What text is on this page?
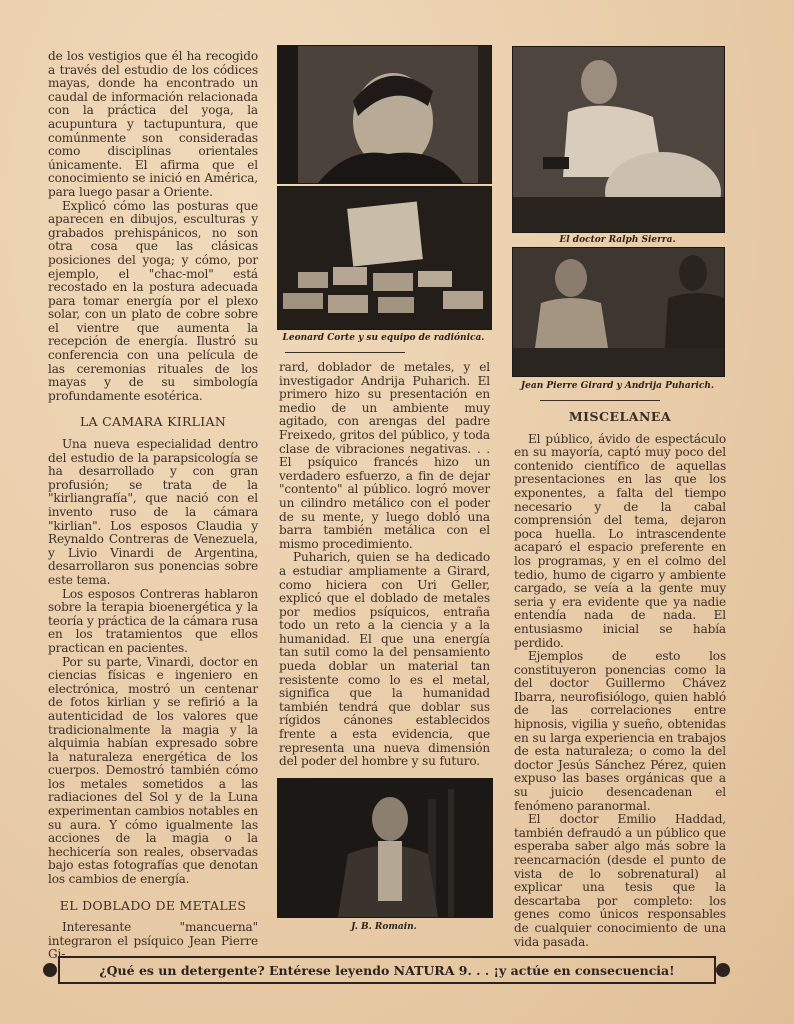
de los vestigios que él ha recogido a través del estudio de los códices mayas, donde ha encontrado un caudal de información relacionada con la práctica del yoga, la acupuntura y tactupuntura, que comúnmente son consideradas como disciplinas orientales únicamente. El afirma que el conocimiento se inició en América, para luego pasar a Oriente.

Explicó cómo las posturas que aparecen en dibujos, esculturas y grabados prehispánicos, no son otra cosa que las clásicas posiciones del yoga; y cómo, por ejemplo, el "chac-mol" está recostado en la postura adecuada para tomar energía por el plexo solar, con un plato de cobre sobre el vientre que aumenta la recepción de energía. Ilustró su conferencia con una película de las ceremonias rituales de los mayas y de su simbología profundamente esotérica.

LA CAMARA KIRLIAN

Una nueva especialidad dentro del estudio de la parapsicología se ha desarrollado y con gran profusión; se trata de la "kirliangrafía", que nació con el invento ruso de la cámara "kirlian". Los esposos Claudia y Reynaldo Contreras de Venezuela, y Livio Vinardi de Argentina, desarrollaron sus ponencias sobre este tema.

Los esposos Contreras hablaron sobre la terapia bioenergética y la teoría y práctica de la cámara rusa en los tratamientos que ellos practican en pacientes.

Por su parte, Vinardi, doctor en ciencias físicas e ingeniero en electrónica, mostró un centenar de fotos kirlian y se refirió a la autenticidad de los valores que tradicionalmente la magia y la alquimia habían expresado sobre la naturaleza energética de los cuerpos. Demostró también cómo los metales sometidos a las radiaciones del Sol y de la Luna experimentan cambios notables en su aura. Y cómo igualmente las acciones de la magia o la hechicería son reales, observadas bajo estas fotografías que denotan los cambios de energía.

EL DOBLADO DE METALES

Interesante "mancuerna" integraron el psíquico Jean Pierre Gi-

Leonard Corte y su equipo de radiónica.

rard, doblador de metales, y el investigador Andrija Puharich. El primero hizo su presentación en medio de un ambiente muy agitado, con arengas del padre Freixedo, gritos del público, y toda clase de vibraciones negativas. . . El psíquico francés hizo un verdadero esfuerzo, a fin de dejar "contento" al público. logró mover un cilindro metálico con el poder de su mente, y luego dobló una barra también metálica con el mismo procedimiento.

Puharich, quien se ha dedicado a estudiar ampliamente a Girard, como hiciera con Uri Geller, explicó que el doblado de metales por medios psíquicos, entraña todo un reto a la ciencia y a la humanidad. El que una energía tan sutil como la del pensamiento pueda doblar un material tan resistente como lo es el metal, significa que la humanidad también tendrá que doblar sus rígidos cánones establecidos frente a esta evidencia, que representa una nueva dimensión del poder del hombre y su futuro.

J. B. Romain.
El doctor Ralph Sierra.
Jean Pierre Girard y Andrija Puharich.
MISCELANEA

El público, ávido de espectáculo en su mayoría, captó muy poco del contenido científico de aquellas presentaciones en las que los exponentes, a falta del tiempo necesario y de la cabal comprensión del tema, dejaron poca huella. Lo intrascendente acaparó el espacio preferente en los programas, y en el colmo del tedio, humo de cigarro y ambiente cargado, se veía a la gente muy seria y era evidente que ya nadie entendía nada de nada. El entusiasmo inicial se había perdido.

Ejemplos de esto los constituyeron ponencias como la del doctor Guillermo Chávez Ibarra, neurofisiólogo, quien habló de las correlaciones entre hipnosis, vigilia y sueño, obtenidas en su larga experiencia en trabajos de esta naturaleza; o como la del doctor Jesús Sánchez Pérez, quien expuso las bases orgánicas que a su juicio desencadenan el fenómeno paranormal.

El doctor Emilio Haddad, también defraudó a un público que esperaba saber algo más sobre la reencarnación (desde el punto de vista de lo sobrenatural) al explicar una tesis que la descartaba por completo: los genes como únicos responsables de cualquier conocimiento de una vida pasada.

¿Qué es un detergente? Entérese leyendo NATURA 9. . . ¡y actúe en consecuencia!
